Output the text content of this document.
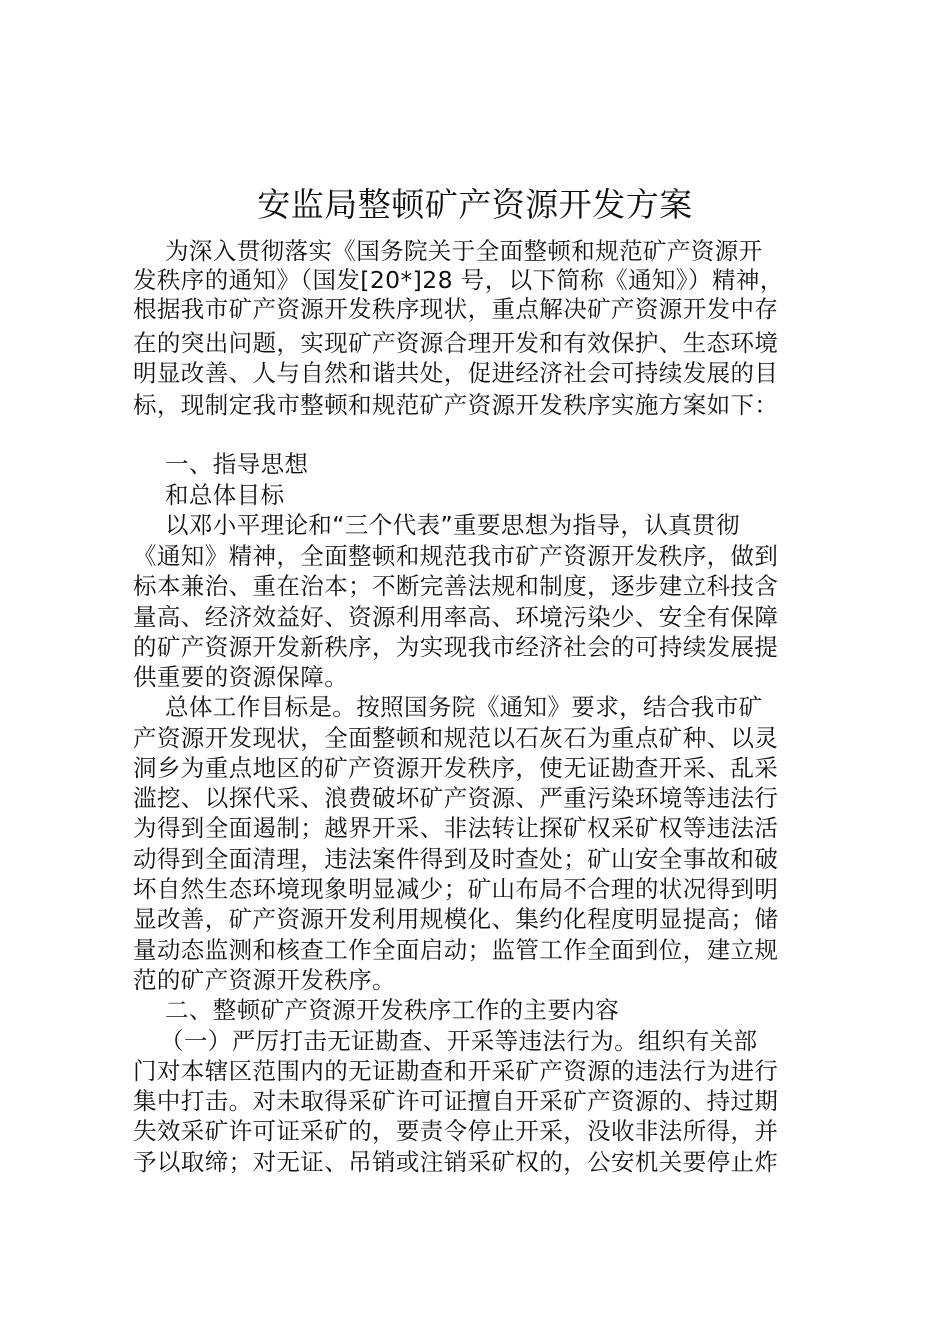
安监局整顿矿产资源开发方案
为深入贯彻落实《国务院关于全面整顿和规范矿产资源开
发秩序的通知》（国发[20*]28 号，以下简称《通知》）精神，
根据我市矿产资源开发秩序现状，重点解决矿产资源开发中存
在的突出问题，实现矿产资源合理开发和有效保护、生态环境
明显改善、人与自然和谐共处，促进经济社会可持续发展的目
标，现制定我市整顿和规范矿产资源开发秩序实施方案如下：
一、指导思想
和总体目标
以邓小平理论和“三个代表”重要思想为指导，认真贯彻
《通知》精神，全面整顿和规范我市矿产资源开发秩序，做到
标本兼治、重在治本；不断完善法规和制度，逐步建立科技含
量高、经济效益好、资源利用率高、环境污染少、安全有保障
的矿产资源开发新秩序，为实现我市经济社会的可持续发展提
供重要的资源保障。
总体工作目标是。按照国务院《通知》要求，结合我市矿
产资源开发现状，全面整顿和规范以石灰石为重点矿种、以灵
洞乡为重点地区的矿产资源开发秩序，使无证勘查开采、乱采
滥挖、以探代采、浪费破坏矿产资源、严重污染环境等违法行
为得到全面遏制；越界开采、非法转让探矿权采矿权等违法活
动得到全面清理，违法案件得到及时查处；矿山安全事故和破
坏自然生态环境现象明显减少；矿山布局不合理的状况得到明
显改善，矿产资源开发利用规模化、集约化程度明显提高；储
量动态监测和核查工作全面启动；监管工作全面到位，建立规
范的矿产资源开发秩序。
二、整顿矿产资源开发秩序工作的主要内容
（一）严厉打击无证勘查、开采等违法行为。组织有关部
门对本辖区范围内的无证勘查和开采矿产资源的违法行为进行
集中打击。对未取得采矿许可证擅自开采矿产资源的、持过期
失效采矿许可证采矿的，要责令停止开采，没收非法所得，并
予以取缔；对无证、吊销或注销采矿权的，公安机关要停止炸
